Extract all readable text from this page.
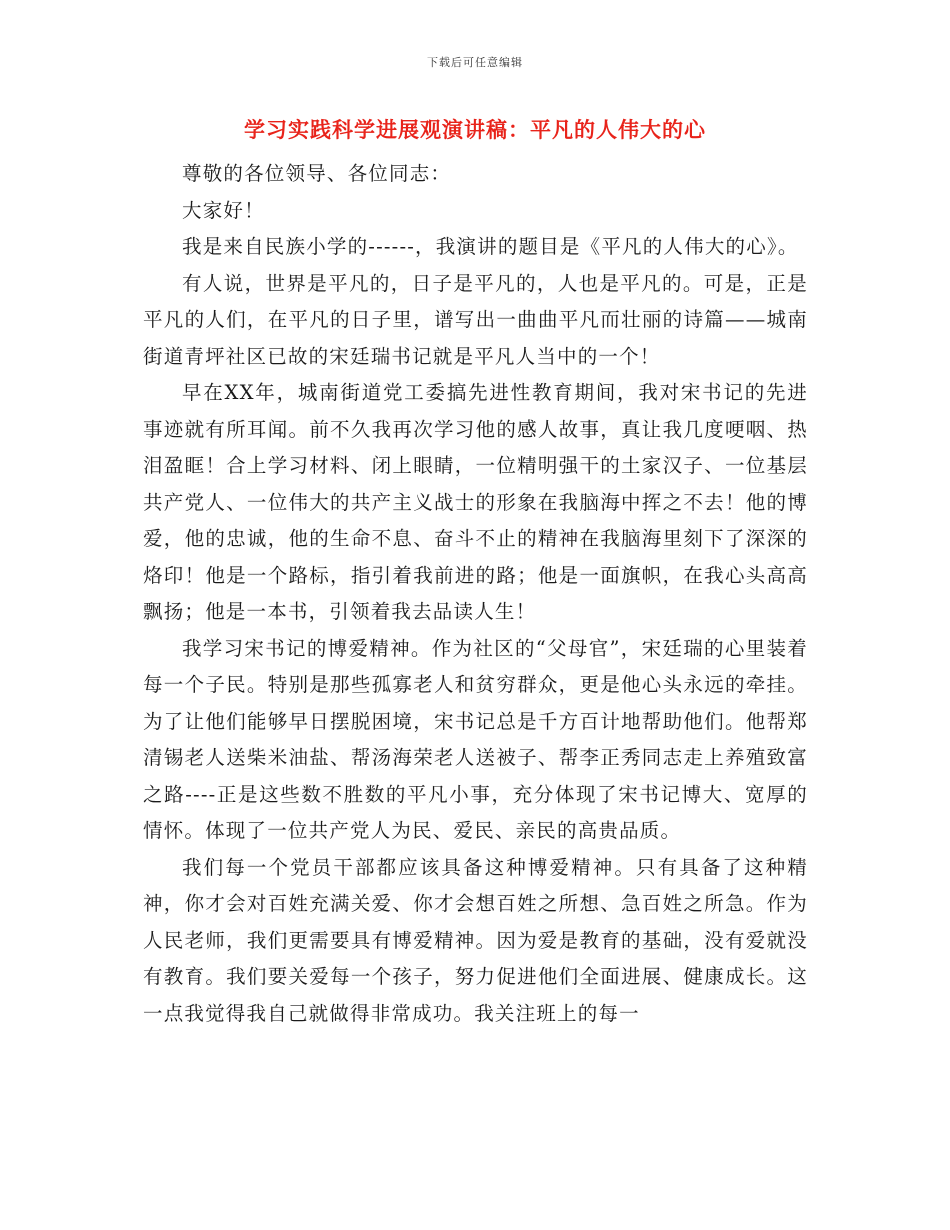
下载后可任意编辑
学习实践科学进展观演讲稿：平凡的人伟大的心

尊敬的各位领导、各位同志：

大家好！

我是来自民族小学的------，我演讲的题目是《平凡的人伟大的心》。

有人说，世界是平凡的，日子是平凡的，人也是平凡的。可是，正是平凡的人们，在平凡的日子里，谱写出一曲曲平凡而壮丽的诗篇——城南街道青坪社区已故的宋廷瑞书记就是平凡人当中的一个！

早在XX年，城南街道党工委搞先进性教育期间，我对宋书记的先进事迹就有所耳闻。前不久我再次学习他的感人故事，真让我几度哽咽、热泪盈眶！合上学习材料、闭上眼睛，一位精明强干的土家汉子、一位基层共产党人、一位伟大的共产主义战士的形象在我脑海中挥之不去！他的博爱，他的忠诚，他的生命不息、奋斗不止的精神在我脑海里刻下了深深的烙印！他是一个路标，指引着我前进的路；他是一面旗帜，在我心头高高飘扬；他是一本书，引领着我去品读人生！

我学习宋书记的博爱精神。作为社区的“父母官”，宋廷瑞的心里装着每一个子民。特别是那些孤寡老人和贫穷群众，更是他心头永远的牵挂。为了让他们能够早日摆脱困境，宋书记总是千方百计地帮助他们。他帮郑清锡老人送柴米油盐、帮汤海荣老人送被子、帮李正秀同志走上养殖致富之路----正是这些数不胜数的平凡小事，充分体现了宋书记博大、宽厚的情怀。体现了一位共产党人为民、爱民、亲民的高贵品质。

我们每一个党员干部都应该具备这种博爱精神。只有具备了这种精神，你才会对百姓充满关爱、你才会想百姓之所想、急百姓之所急。作为人民老师，我们更需要具有博爱精神。因为爱是教育的基础，没有爱就没有教育。我们要关爱每一个孩子，努力促进他们全面进展、健康成长。这一点我觉得我自己就做得非常成功。我关注班上的每一
